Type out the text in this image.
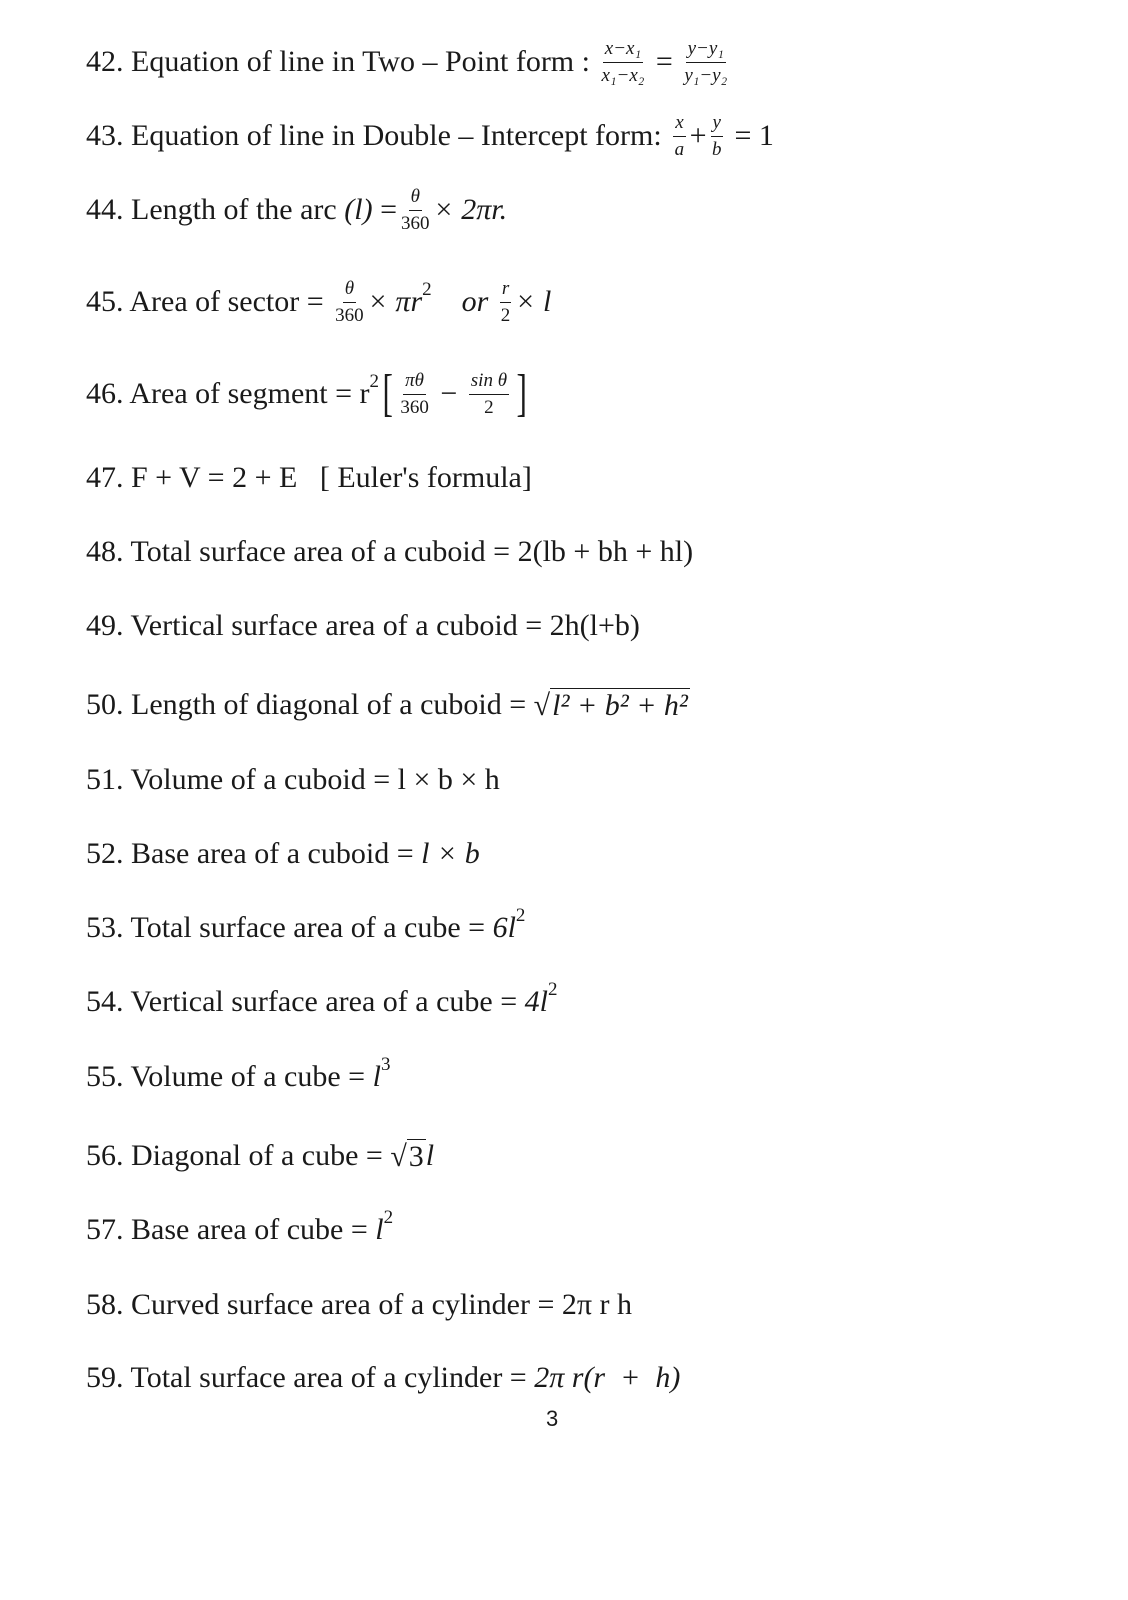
42. Equation of line in Two – Point form : $\frac{\text{x−x₁}}{\text{x₁−x₂}} = \frac{\text{y−y₁}}{\text{y₁−y₂}}$
43. Equation of line in Double – Intercept form: $\frac{x}{a} + \frac{y}{b} = 1$
44. Length of the arc $(l) = \frac{\theta}{360} \times 2\pi r$.
45. Area of sector = $\frac{\theta}{360} \times \pi r$ 2 or $\frac{r}{2} \times l$
46. Area of segment = r 2 [ $\frac{\pi\theta}{360} - \frac{\text{sin θ}}{2}$ ]
47. F + V = 2 + E   [ Euler's formula]
48. Total surface area of a cuboid = 2(lb + bh + hl)
49. Vertical surface area of a cuboid = 2h(l+b)
50. Length of diagonal of a cuboid = √ l² + b² + h²
51. Volume of a cuboid = l × b × h
52. Base area of a cuboid = l × b
53. Total surface area of a cube = 6l 2
54. Vertical surface area of a cube = 4l 2
55. Volume of a cube = l 3
56. Diagonal of a cube = √ 3 l
57. Base area of cube = l 2
58. Curved surface area of a cylinder = 2π r h
59. Total surface area of a cylinder = 2π r(r  +  h)
3
